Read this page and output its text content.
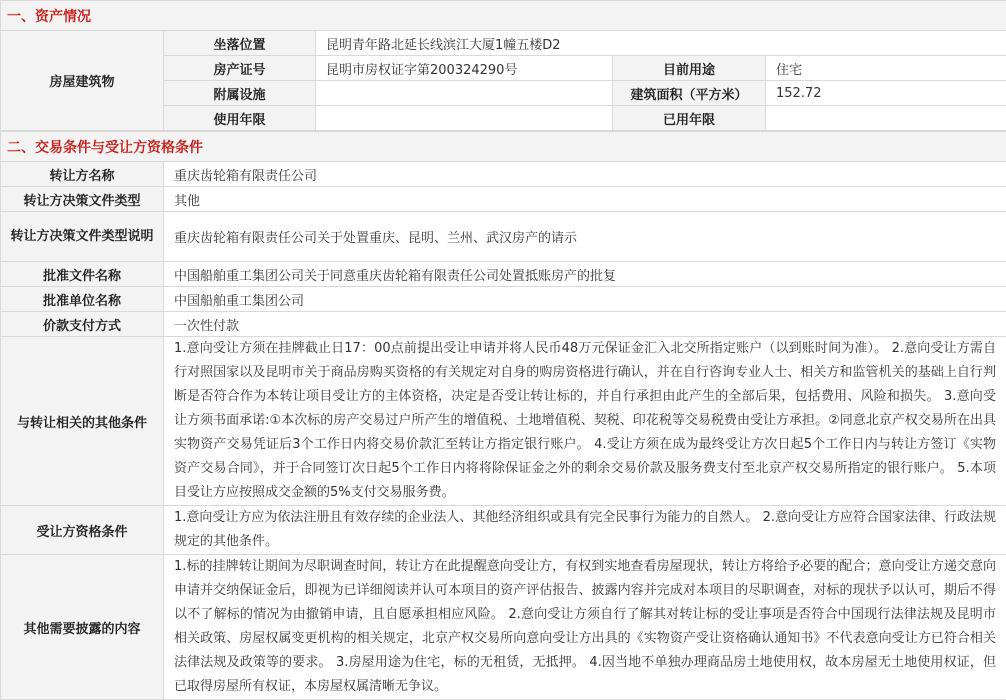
一、资产情况				
房屋建筑物	坐落位置	昆明青年路北延长线滨江大厦1幢五楼D2		
	房产证号	昆明市房权证字第200324290号	目前用途	住宅
	附属设施		建筑面积（平方米）	152.72
	使用年限		已用年限	
二、交易条件与受让方资格条件	
转让方名称	重庆齿轮箱有限责任公司
转让方决策文件类型	其他
转让方决策文件类型说明	重庆齿轮箱有限责任公司关于处置重庆、昆明、兰州、武汉房产的请示
批准文件名称	中国船舶重工集团公司关于同意重庆齿轮箱有限责任公司处置抵账房产的批复
批准单位名称	中国船舶重工集团公司
价款支付方式	一次性付款
与转让相关的其他条件	1.意向受让方须在挂牌截止日17：00点前提出受让申请并将人民币48万元保证金汇入北交所指定账户（以到账时间为准）。 2.意向受让方需自行对照国家以及昆明市关于商品房购买资格的有关规定对自身的购房资格进行确认，并在自行咨询专业人士、相关方和监管机关的基础上自行判断是否符合作为本转让项目受让方的主体资格，决定是否受让转让标的，并自行承担由此产生的全部后果，包括费用、风险和损失。 3.意向受让方须书面承诺:①本次标的房产交易过户所产生的增值税、土地增值税、契税、印花税等交易税费由受让方承担。②同意北京产权交易所在出具实物资产交易凭证后3个工作日内将交易价款汇至转让方指定银行账户。 4.受让方须在成为最终受让方次日起5个工作日内与转让方签订《实物资产交易合同》，并于合同签订次日起5个工作日内将将除保证金之外的剩余交易价款及服务费支付至北京产权交易所指定的银行账户。 5.本项目受让方应按照成交金额的5%支付交易服务费。
受让方资格条件	1.意向受让方应为依法注册且有效存续的企业法人、其他经济组织或具有完全民事行为能力的自然人。 2.意向受让方应符合国家法律、行政法规规定的其他条件。
其他需要披露的内容	1.标的挂牌转让期间为尽职调查时间，转让方在此提醒意向受让方，有权到实地查看房屋现状，转让方将给予必要的配合；意向受让方递交意向申请并交纳保证金后，即视为已详细阅读并认可本项目的资产评估报告、披露内容并完成对本项目的尽职调查，对标的现状予以认可，期后不得以不了解标的情况为由撤销申请，且自愿承担相应风险。 2.意向受让方须自行了解其对转让标的受让事项是否符合中国现行法律法规及昆明市相关政策、房屋权属变更机构的相关规定，北京产权交易所向意向受让方出具的《实物资产受让资格确认通知书》不代表意向受让方已符合相关法律法规及政策等的要求。 3.房屋用途为住宅，标的无租赁，无抵押。 4.因当地不单独办理商品房土地使用权，故本房屋无土地使用权证，但已取得房屋所有权证，本房屋权属清晰无争议。
